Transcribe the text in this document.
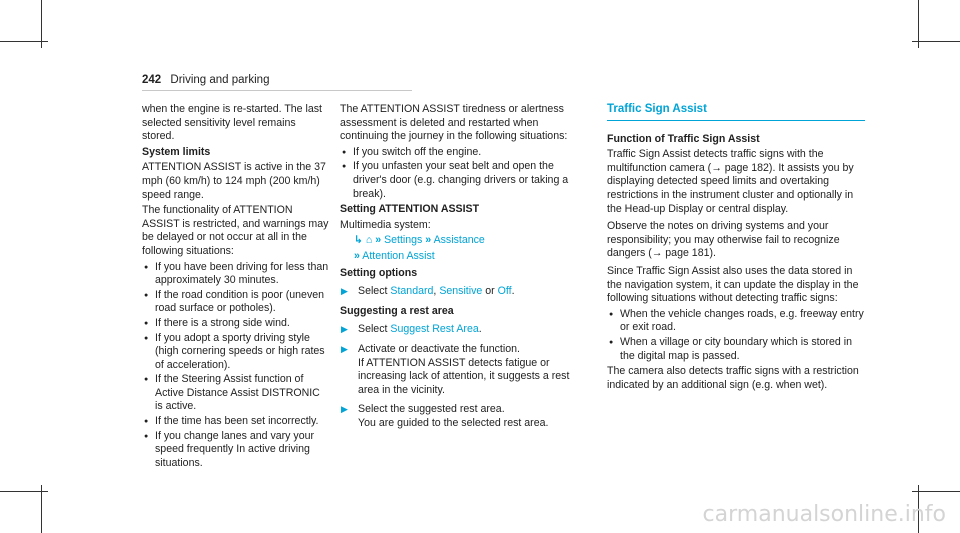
242 Driving and parking

when the engine is re-started. The last selected sensitivity level remains stored.

System limits

ATTENTION ASSIST is active in the 37 mph (60 km/h) to 124 mph (200 km/h) speed range.

The functionality of ATTENTION ASSIST is restricted, and warnings may be delayed or not occur at all in the following situations:

● If you have been driving for less than approximately 30 minutes.
● If the road condition is poor (uneven road surface or potholes).
● If there is a strong side wind.
● If you adopt a sporty driving style (high cornering speeds or high rates of acceleration).
● If the Steering Assist function of Active Distance Assist DISTRONIC is active.
● If the time has been set incorrectly.
● If you change lanes and vary your speed frequently In active driving situations.

The ATTENTION ASSIST tiredness or alertness assessment is deleted and restarted when continuing the journey in the following situations:

● If you switch off the engine.
● If you unfasten your seat belt and open the driver's door (e.g. changing drivers or taking a break).

Setting ATTENTION ASSIST

Multimedia system:

↳ ⌂ » Settings » Assistance

» Attention Assist

Setting options

▶ Select Standard, Sensitive or Off.

Suggesting a rest area

▶ Select Suggest Rest Area.
▶ Activate or deactivate the function.
If ATTENTION ASSIST detects fatigue or increasing lack of attention, it suggests a rest area in the vicinity.
▶ Select the suggested rest area.
You are guided to the selected rest area.

Traffic Sign Assist

Function of Traffic Sign Assist

Traffic Sign Assist detects traffic signs with the multifunction camera (→ page 182). It assists you by displaying detected speed limits and overtaking restrictions in the instrument cluster and optionally in the Head-up Display or central display.

Observe the notes on driving systems and your responsibility; you may otherwise fail to recognize dangers (→ page 181).

Since Traffic Sign Assist also uses the data stored in the navigation system, it can update the display in the following situations without detecting traffic signs:

● When the vehicle changes roads, e.g. freeway entry or exit road.
● When a village or city boundary which is stored in the digital map is passed.

The camera also detects traffic signs with a restriction indicated by an additional sign (e.g. when wet).

carmanualsonline.info
